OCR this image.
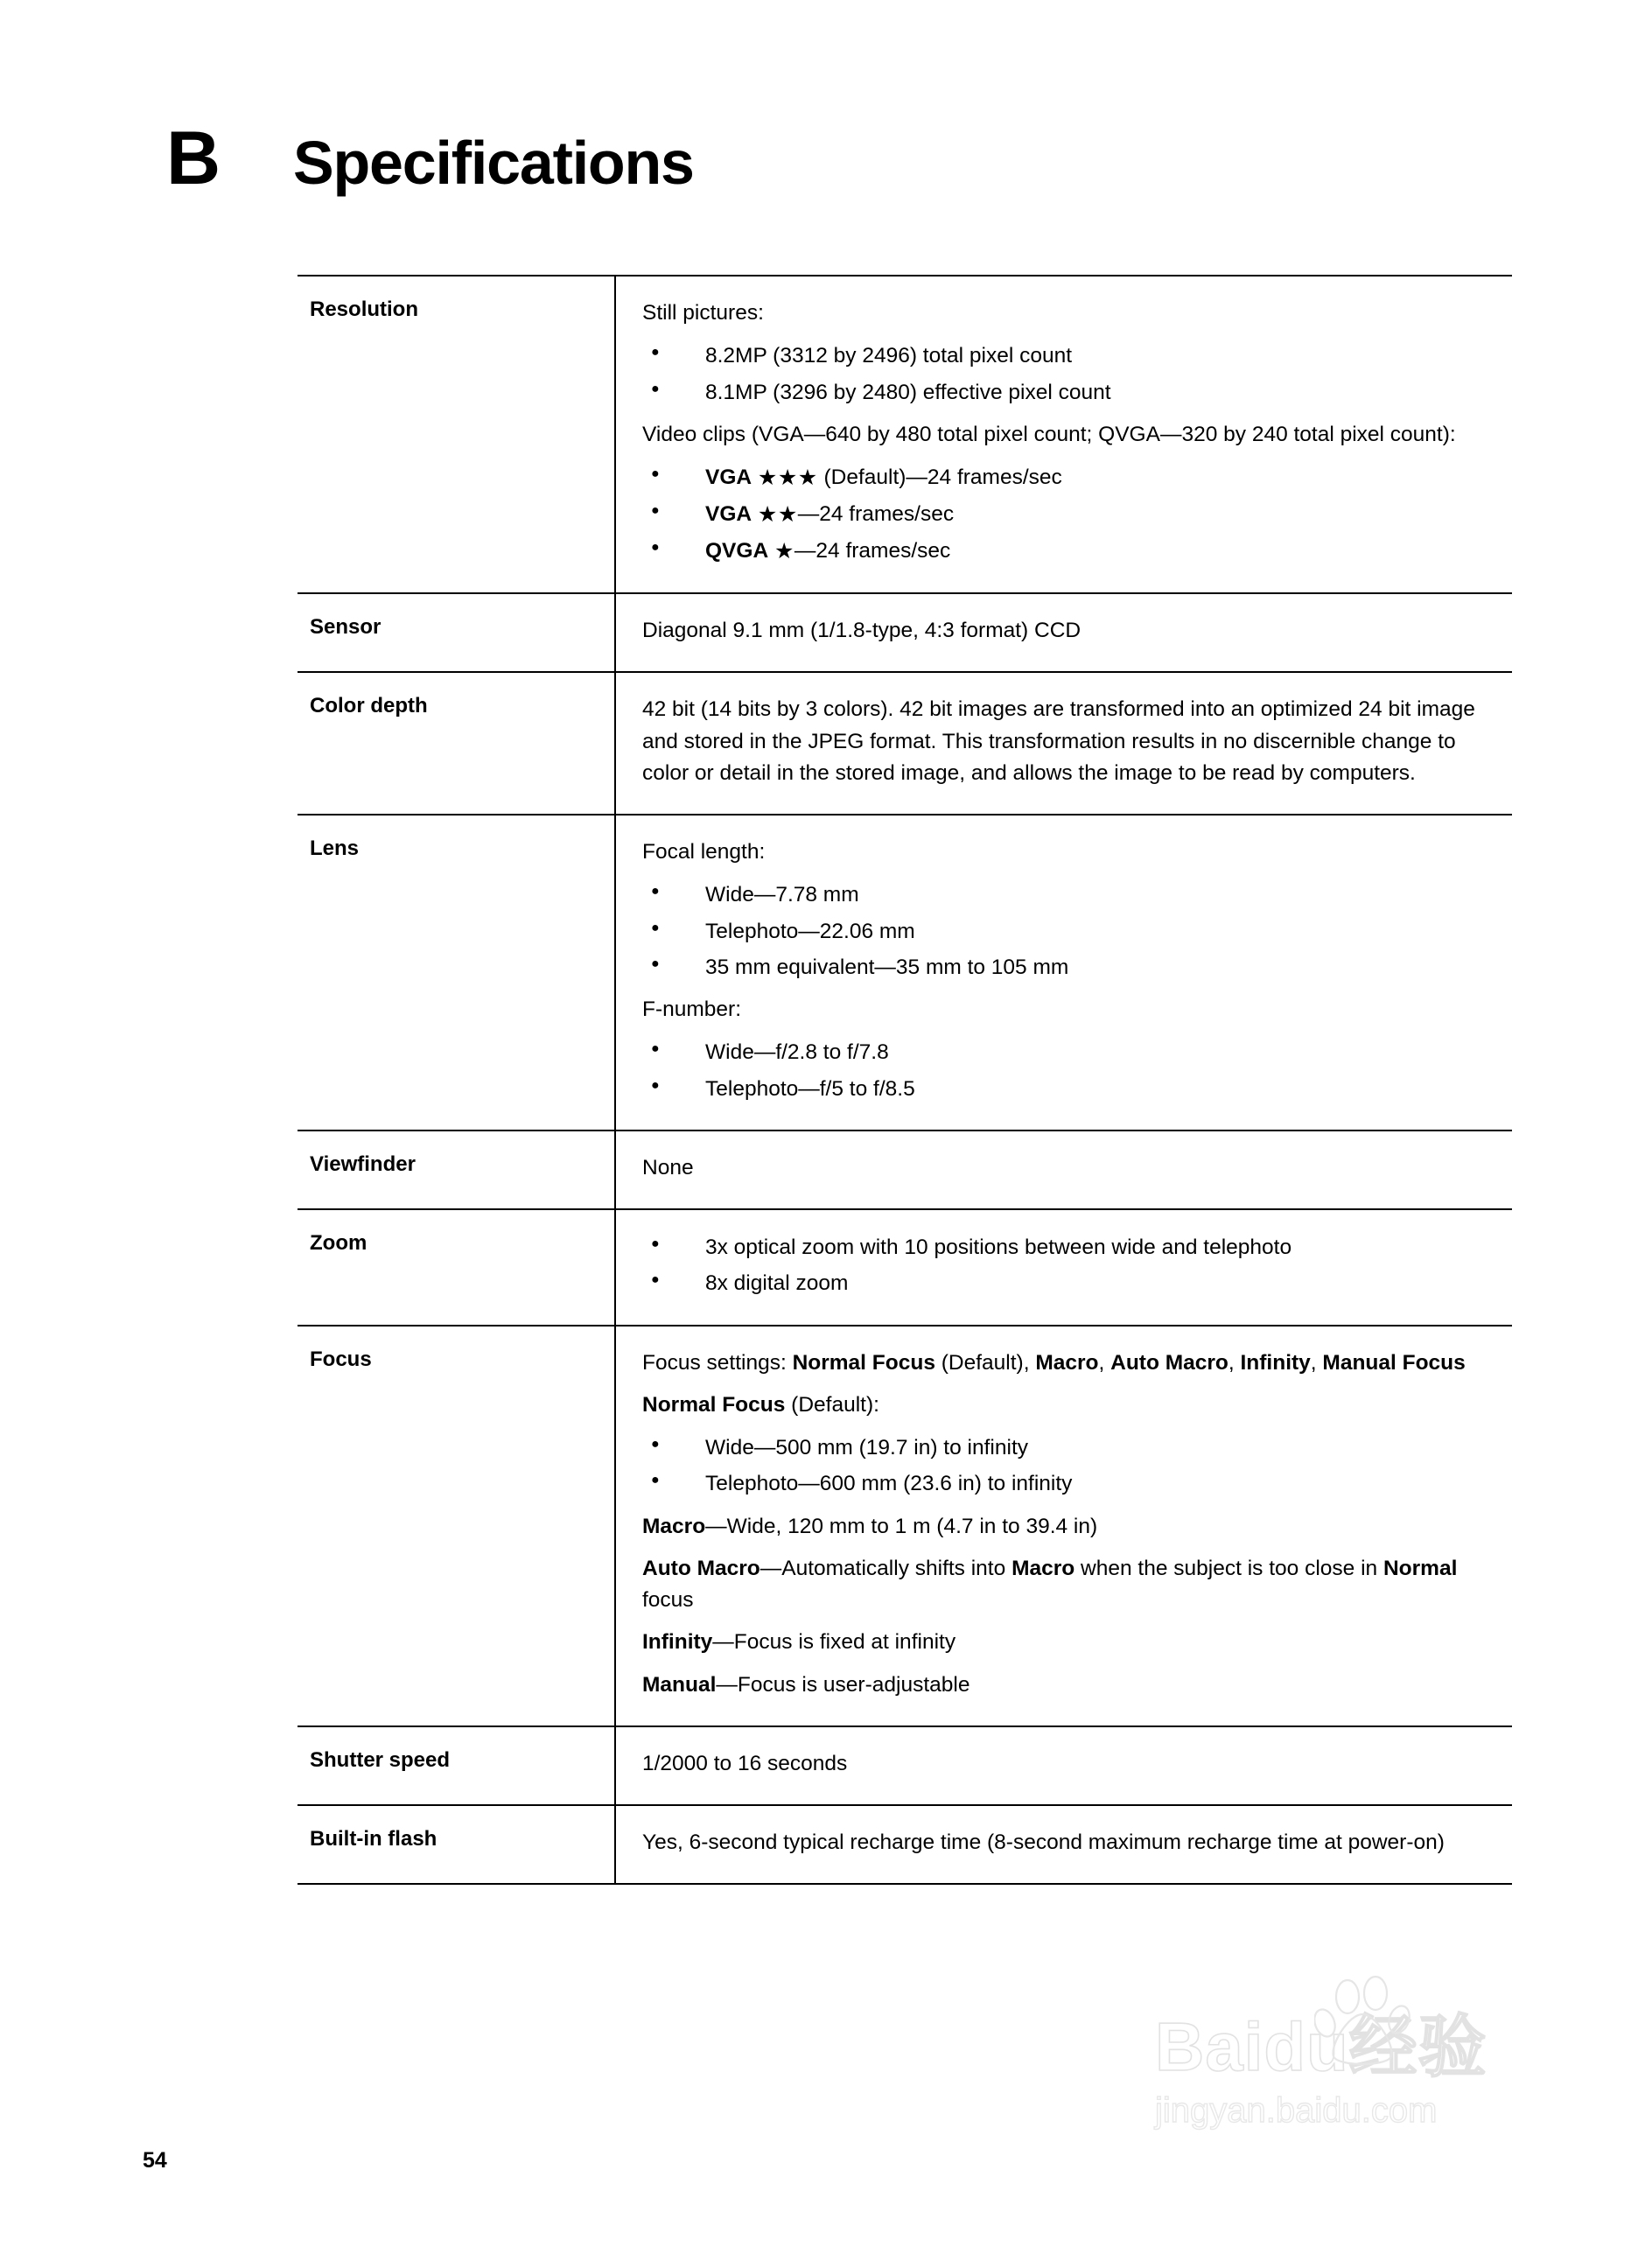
B	Specifications
Resolution	Still pictures:
● 8.2MP (3312 by 2496) total pixel count
● 8.1MP (3296 by 2480) effective pixel count
Video clips (VGA—640 by 480 total pixel count; QVGA—320 by 240 total pixel count):
● VGA ★★★ (Default)—24 frames/sec
● VGA ★★—24 frames/sec
● QVGA ★—24 frames/sec

Sensor	Diagonal 9.1 mm (1/1.8-type, 4:3 format) CCD

Color depth	42 bit (14 bits by 3 colors). 42 bit images are transformed into an optimized 24 bit image and stored in the JPEG format. This transformation results in no discernible change to color or detail in the stored image, and allows the image to be read by computers.

Lens	Focal length:
● Wide—7.78 mm
● Telephoto—22.06 mm
● 35 mm equivalent—35 mm to 105 mm
F-number:
● Wide—f/2.8 to f/7.8
● Telephoto—f/5 to f/8.5

Viewfinder	None

Zoom	
●3x optical zoom with 10 positions between wide and telephoto
● 8x digital zoom

Focus	Focus settings: Normal Focus (Default), Macro, Auto Macro, Infinity, Manual Focus
Normal Focus (Default):
● Wide—500 mm (19.7 in) to infinity
● Telephoto—600 mm (23.6 in) to infinity
Macro—Wide, 120 mm to 1 m (4.7 in to 39.4 in)
Auto Macro—Automatically shifts into Macro when the subject is too close in Normal focus
Infinity—Focus is fixed at infinity
Manual—Focus is user-adjustable

Shutter speed	1/2000 to 16 seconds

Built-in flash	Yes, 6-second typical recharge time (8-second maximum recharge time at power-on)
54
Baidu 经验
jingyan.baidu.com
